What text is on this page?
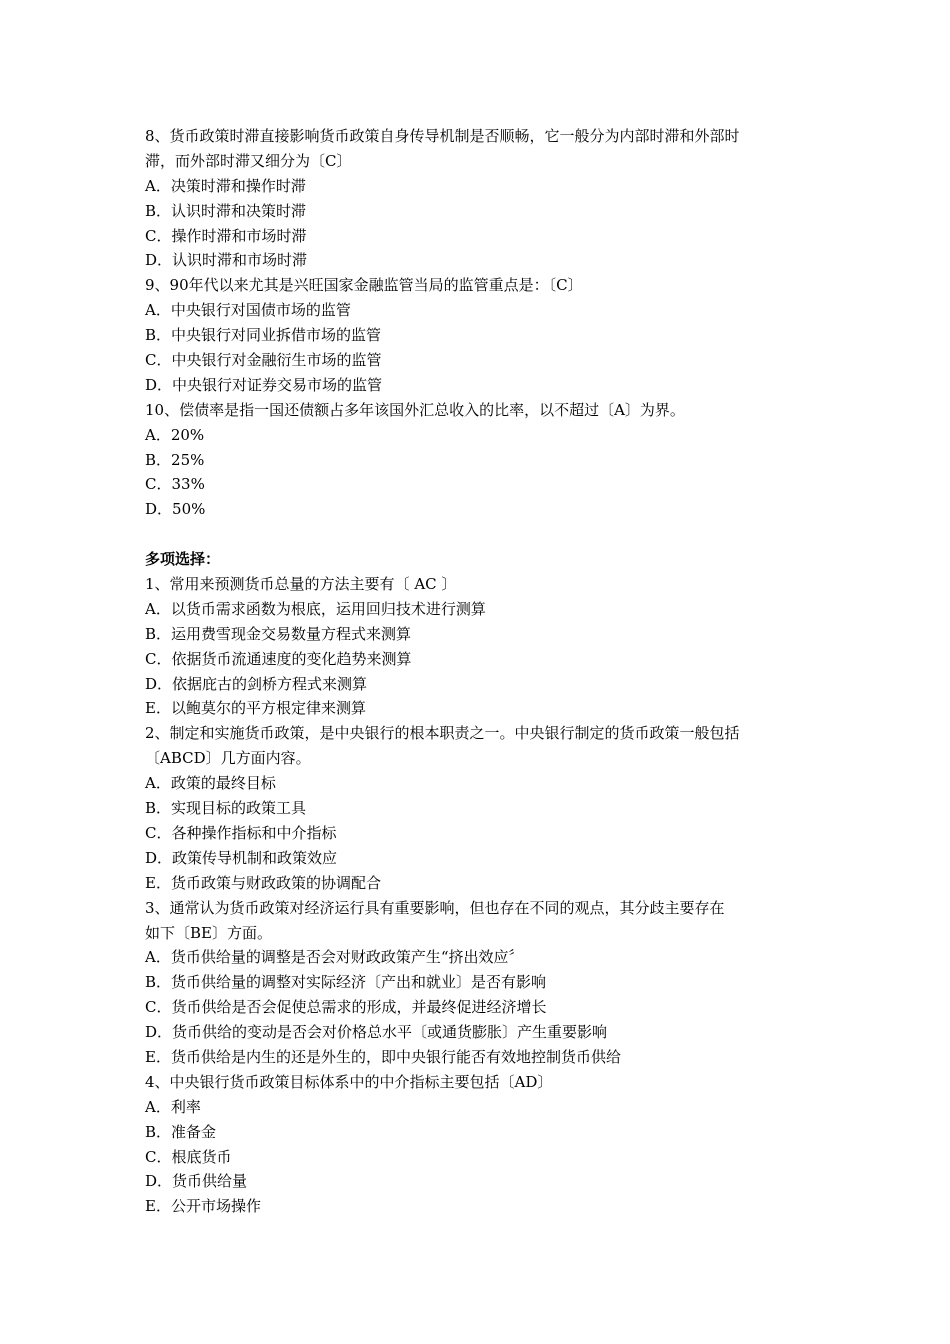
8、货币政策时滞直接影响货币政策自身传导机制是否顺畅，它一般分为内部时滞和外部时
滞，而外部时滞又细分为〔C〕
A．决策时滞和操作时滞
B．认识时滞和决策时滞
C．操作时滞和市场时滞
D．认识时滞和市场时滞
9、90年代以来尤其是兴旺国家金融监管当局的监管重点是：〔C〕
A．中央银行对国债市场的监管
B．中央银行对同业拆借市场的监管
C．中央银行对金融衍生市场的监管
D．中央银行对证券交易市场的监管
10、偿债率是指一国还债额占多年该国外汇总收入的比率，以不超过〔A〕为界。
A．20%
B．25%
C．33%
D．50%
多项选择：
1、常用来预测货币总量的方法主要有〔 AC 〕
A．以货币需求函数为根底，运用回归技术进行测算
B．运用费雪现金交易数量方程式来测算
C．依据货币流通速度的变化趋势来测算
D．依据庇古的剑桥方程式来测算
E．以鲍莫尔的平方根定律来测算
2、制定和实施货币政策，是中央银行的根本职责之一。中央银行制定的货币政策一般包括
〔ABCD〕几方面内容。
A．政策的最终目标
B．实现目标的政策工具
C．各种操作指标和中介指标
D．政策传导机制和政策效应
E．货币政策与财政政策的协调配合
3、通常认为货币政策对经济运行具有重要影响，但也存在不同的观点，其分歧主要存在
如下〔BE〕方面。
A．货币供给量的调整是否会对财政政策产生“挤出效应〞
B．货币供给量的调整对实际经济〔产出和就业〕是否有影响
C．货币供给是否会促使总需求的形成，并最终促进经济增长
D．货币供给的变动是否会对价格总水平〔或通货膨胀〕产生重要影响
E．货币供给是内生的还是外生的，即中央银行能否有效地控制货币供给
4、中央银行货币政策目标体系中的中介指标主要包括〔AD〕
A．利率
B．准备金
C．根底货币
D．货币供给量
E．公开市场操作
